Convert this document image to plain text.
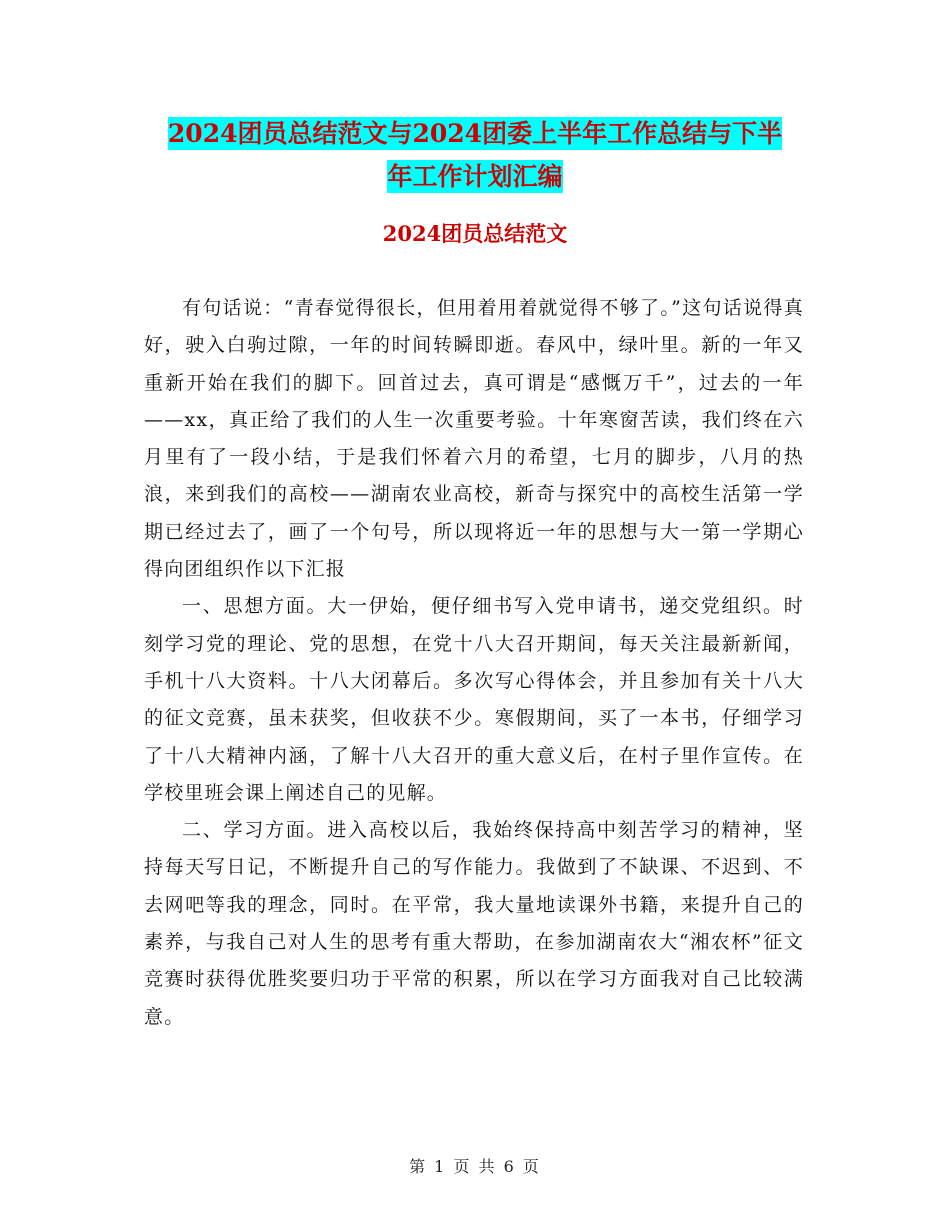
2024团员总结范文与2024团委上半年工作总结与下半
年工作计划汇编
2024团员总结范文

有句话说：“青春觉得很长，但用着用着就觉得不够了。”这句话说得真好，驶入白驹过隙，一年的时间转瞬即逝。春风中，绿叶里。新的一年又重新开始在我们的脚下。回首过去，真可谓是“感慨万千”，过去的一年——xx，真正给了我们的人生一次重要考验。十年寒窗苦读，我们终在六月里有了一段小结，于是我们怀着六月的希望，七月的脚步，八月的热浪，来到我们的高校——湖南农业高校，新奇与探究中的高校生活第一学期已经过去了，画了一个句号，所以现将近一年的思想与大一第一学期心得向团组织作以下汇报

一、思想方面。大一伊始，便仔细书写入党申请书，递交党组织。时刻学习党的理论、党的思想，在党十八大召开期间，每天关注最新新闻，手机十八大资料。十八大闭幕后。多次写心得体会，并且参加有关十八大的征文竞赛，虽未获奖，但收获不少。寒假期间，买了一本书，仔细学习了十八大精神内涵，了解十八大召开的重大意义后，在村子里作宣传。在学校里班会课上阐述自己的见解。

二、学习方面。进入高校以后，我始终保持高中刻苦学习的精神，坚持每天写日记，不断提升自己的写作能力。我做到了不缺课、不迟到、不去网吧等我的理念，同时。在平常，我大量地读课外书籍，来提升自己的素养，与我自己对人生的思考有重大帮助，在参加湖南农大“湘农杯”征文竞赛时获得优胜奖要归功于平常的积累，所以在学习方面我对自己比较满意。

第 1 页 共 6 页
